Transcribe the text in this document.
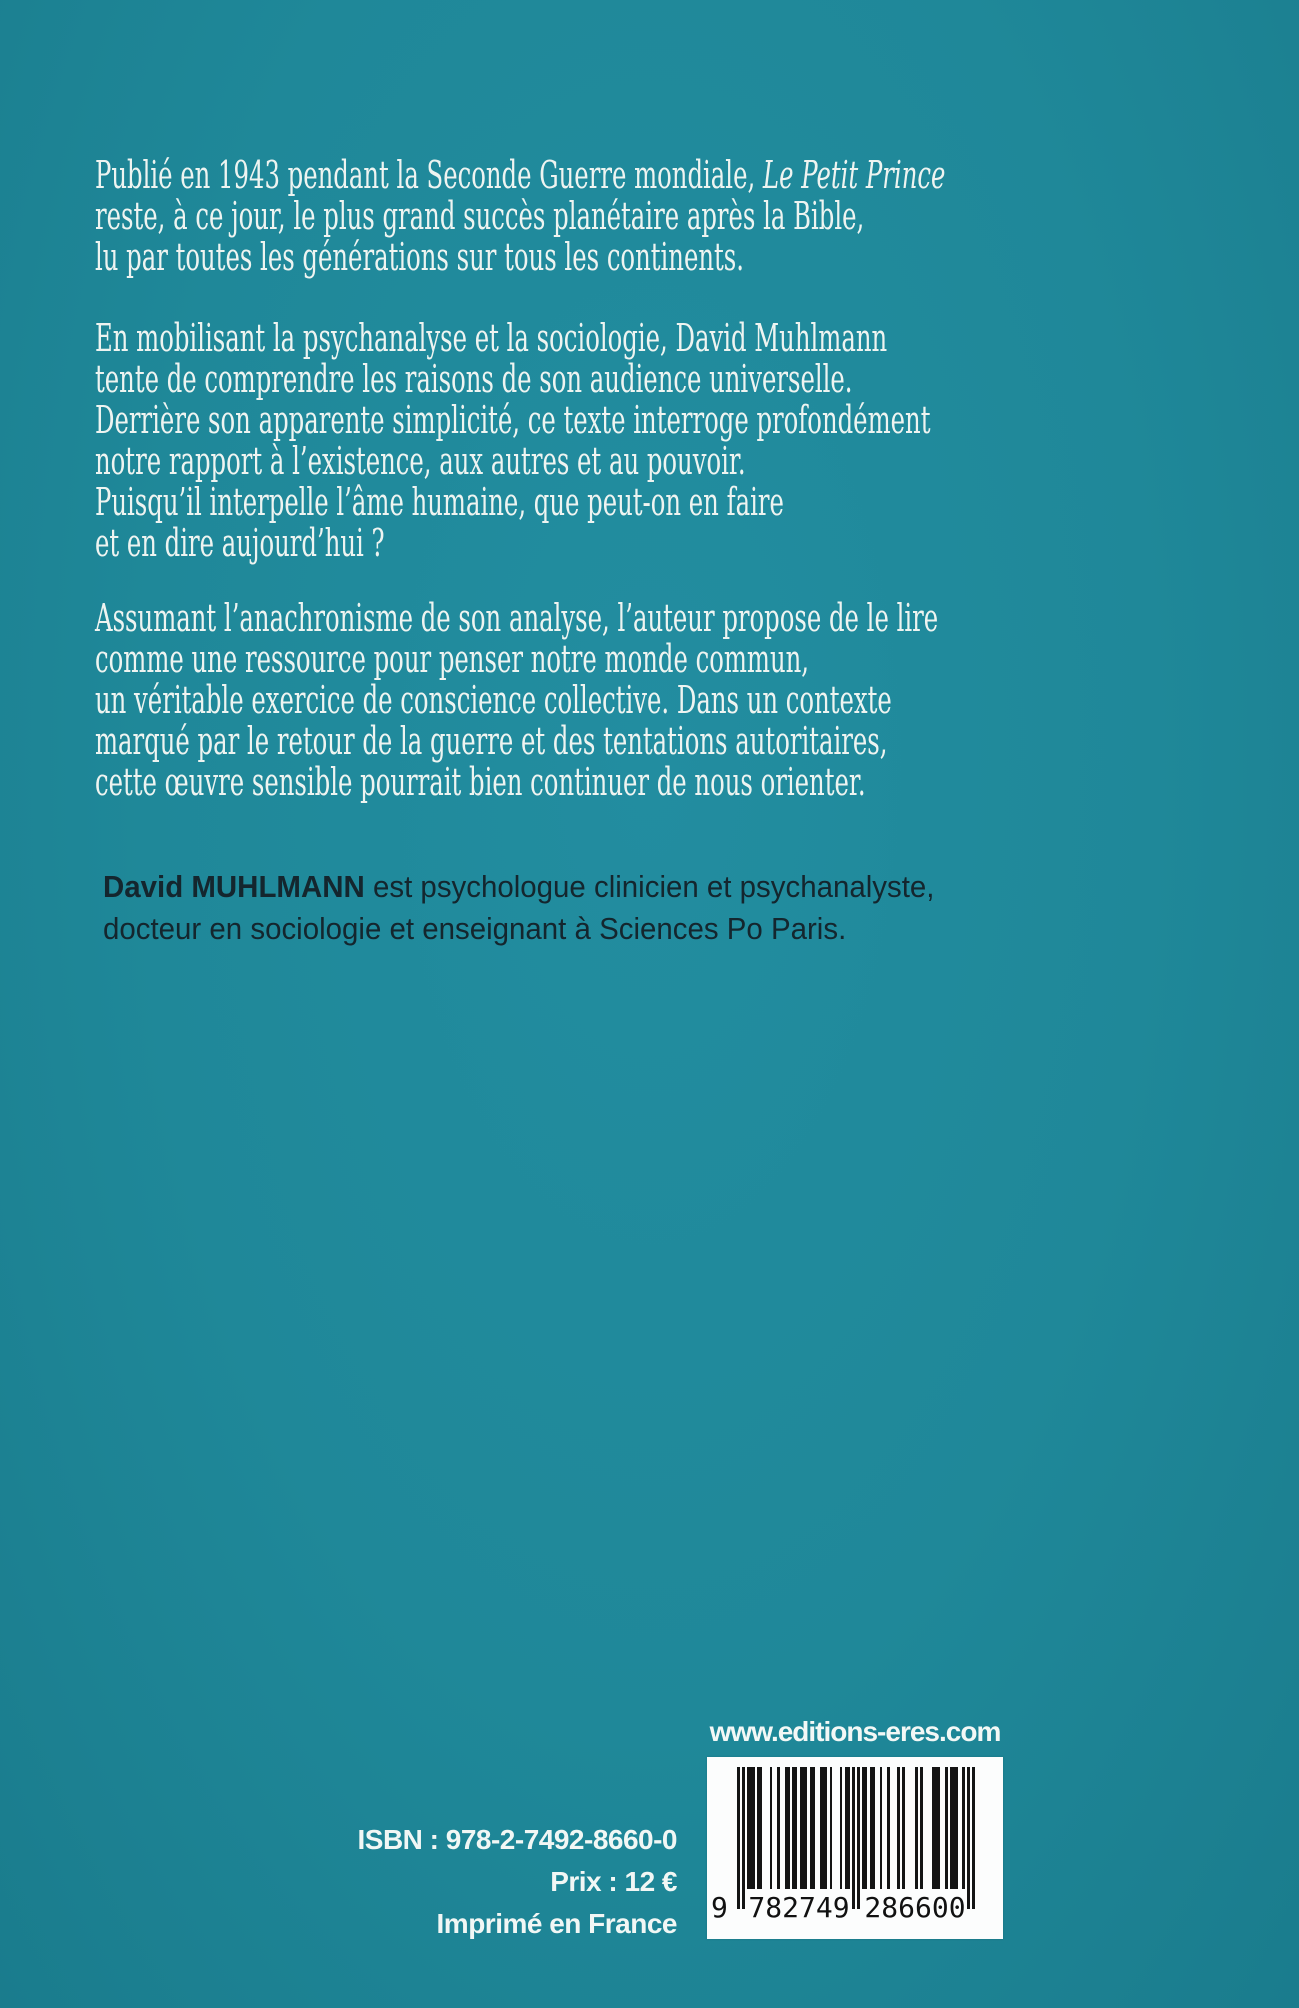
Publié en 1943 pendant la Seconde Guerre mondiale, Le Petit Prince
reste, à ce jour, le plus grand succès planétaire après la Bible,
lu par toutes les générations sur tous les continents.
En mobilisant la psychanalyse et la sociologie, David Muhlmann
tente de comprendre les raisons de son audience universelle.
Derrière son apparente simplicité, ce texte interroge profondément
notre rapport à l’existence, aux autres et au pouvoir.
Puisqu’il interpelle l’âme humaine, que peut-on en faire
et en dire aujourd’hui ?
Assumant l’anachronisme de son analyse, l’auteur propose de le lire
comme une ressource pour penser notre monde commun,
un véritable exercice de conscience collective. Dans un contexte
marqué par le retour de la guerre et des tentations autoritaires,
cette œuvre sensible pourrait bien continuer de nous orienter.
David MUHLMANN est psychologue clinicien et psychanalyste,
docteur en sociologie et enseignant à Sciences Po Paris.
www.editions-eres.com
9 782749 286600
ISBN : 978-2-7492-8660-0
Prix : 12 €
Imprimé en France
